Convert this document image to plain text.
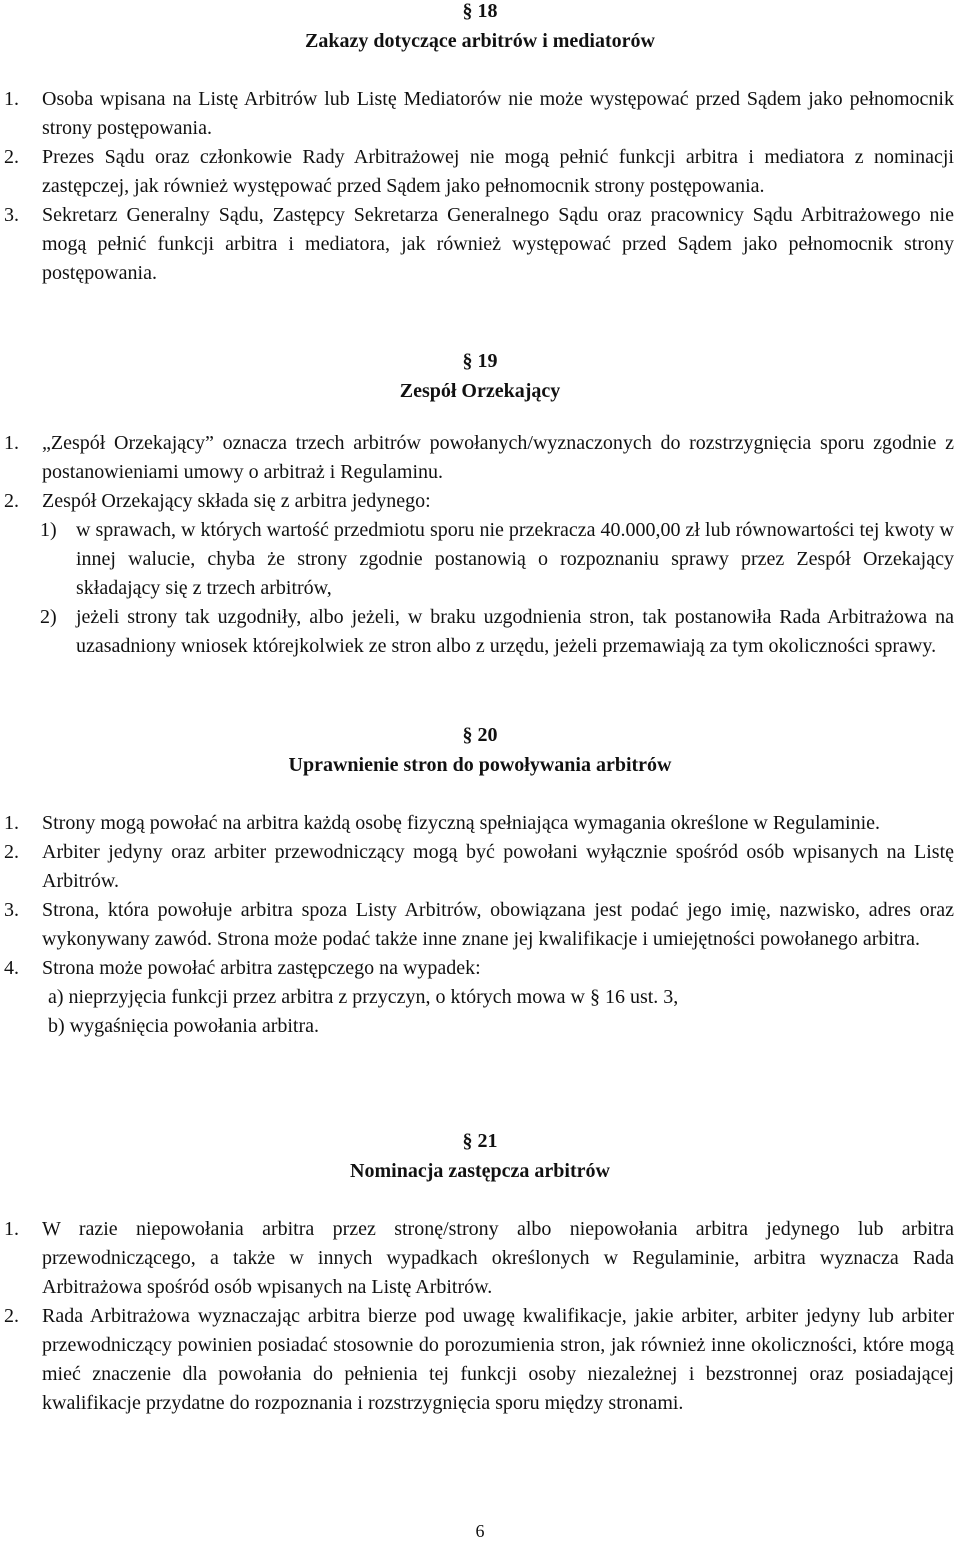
§ 18

Zakazy dotyczące arbitrów i mediatorów

1. Osoba wpisana na Listę Arbitrów lub Listę Mediatorów nie może występować przed Sądem jako pełnomocnik strony postępowania.
2. Prezes Sądu oraz członkowie Rady Arbitrażowej nie mogą pełnić funkcji arbitra i mediatora z nominacji zastępczej, jak również występować przed Sądem jako pełnomocnik strony postępowania.
3. Sekretarz Generalny Sądu, Zastępcy Sekretarza Generalnego Sądu oraz pracownicy Sądu Arbitrażowego nie mogą pełnić funkcji arbitra i mediatora, jak również występować przed Sądem jako pełnomocnik strony postępowania.

§ 19

Zespół Orzekający

1. „Zespół Orzekający” oznacza trzech arbitrów powołanych/wyznaczonych do rozstrzygnięcia sporu zgodnie z postanowieniami umowy o arbitraż i Regulaminu.
2. Zespół Orzekający składa się z arbitra jedynego:
1) w sprawach, w których wartość przedmiotu sporu nie przekracza 40.000,00 zł lub równowartości tej kwoty w innej walucie, chyba że strony zgodnie postanowią o rozpoznaniu sprawy przez Zespół Orzekający składający się z trzech arbitrów,
2) jeżeli strony tak uzgodniły, albo jeżeli, w braku uzgodnienia stron, tak postanowiła Rada Arbitrażowa na uzasadniony wniosek którejkolwiek ze stron albo z urzędu, jeżeli przemawiają za tym okoliczności sprawy.

§ 20

Uprawnienie stron do powoływania arbitrów

1. Strony mogą powołać na arbitra każdą osobę fizyczną spełniająca wymagania określone w Regulaminie.
2. Arbiter jedyny oraz arbiter przewodniczący mogą być powołani wyłącznie spośród osób wpisanych na Listę Arbitrów.
3. Strona, która powołuje arbitra spoza Listy Arbitrów, obowiązana jest podać jego imię, nazwisko, adres oraz wykonywany zawód. Strona może podać także inne znane jej kwalifikacje i umiejętności powołanego arbitra.
4. Strona może powołać arbitra zastępczego na wypadek:
a) nieprzyjęcia funkcji przez arbitra z przyczyn, o których mowa w § 16 ust. 3,
b) wygaśnięcia powołania arbitra.

§ 21

Nominacja zastępcza arbitrów

1. W razie niepowołania arbitra przez stronę/strony albo niepowołania arbitra jedynego lub arbitra przewodniczącego, a także w innych wypadkach określonych w Regulaminie, arbitra wyznacza Rada Arbitrażowa spośród osób wpisanych na Listę Arbitrów.
2. Rada Arbitrażowa wyznaczając arbitra bierze pod uwagę kwalifikacje, jakie arbiter, arbiter jedyny lub arbiter przewodniczący powinien posiadać stosownie do porozumienia stron, jak również inne okoliczności, które mogą mieć znaczenie dla powołania do pełnienia tej funkcji osoby niezależnej i bezstronnej oraz posiadającej kwalifikacje przydatne do rozpoznania i rozstrzygnięcia sporu między stronami.
6
